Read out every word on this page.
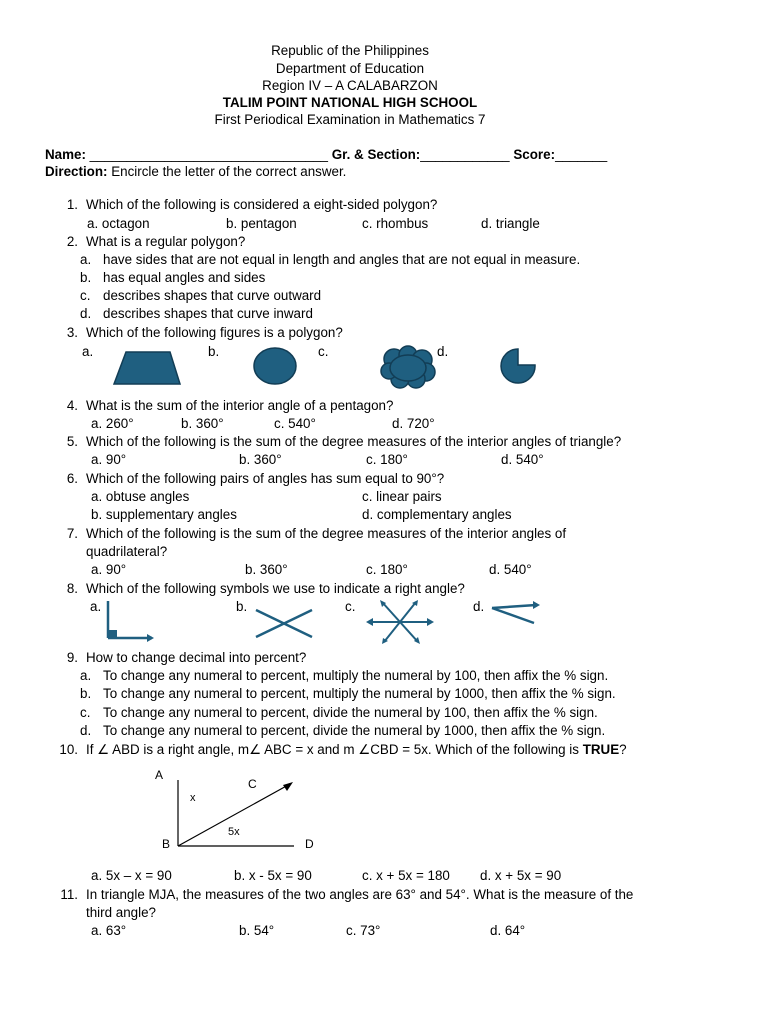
Republic of the Philippines
Department of Education
Region IV – A CALABARZON
TALIM POINT NATIONAL HIGH SCHOOL
First Periodical Examination in Mathematics 7
Name: ________________________________ Gr. & Section:____________ Score:_______
Direction: Encircle the letter of the correct answer.
1. Which of the following is considered a eight-sided polygon?
a. octagon	b. pentagon	c. rhombus	d. triangle
2. What is a regular polygon?
a. have sides that are not equal in length and angles that are not equal in measure.
b. has equal angles and sides
c. describes shapes that curve outward
d. describes shapes that curve inward
3. Which of the following figures is a polygon?
a.	b.	c.	d.
4. What is the sum of the interior angle of a pentagon?
a. 260°	b. 360°	c. 540°	d. 720°
5. Which of the following is the sum of the degree measures of the interior angles of triangle?
a. 90°	b. 360°	c. 180°	d. 540°
6. Which of the following pairs of angles has sum equal to 90°?
a. obtuse angles	c. linear pairs
b. supplementary angles	d. complementary angles
7. Which of the following is the sum of the degree measures of the interior angles of
quadrilateral?
a. 90°	b. 360°	c. 180°	d. 540°
8. Which of the following symbols we use to indicate a right angle?
a.	b.	c.	d.
9. How to change decimal into percent?
a. To change any numeral to percent, multiply the numeral by 100, then affix the % sign.
b. To change any numeral to percent, multiply the numeral by 1000, then affix the % sign.
c. To change any numeral to percent, divide the numeral by 100, then affix the % sign.
d. To change any numeral to percent, divide the numeral by 1000, then affix the % sign.
10. If ∠ ABD is a right angle, m∠ ABC = x and m ∠CBD = 5x. Which of the following is TRUE?
A
C
x
5x
B	D
a. 5x – x = 90	b. x - 5x = 90	c. x + 5x = 180 d. x + 5x = 90
11. In triangle MJA, the measures of the two angles are 63° and 54°. What is the measure of the
third angle?
a. 63°	b. 54°	c. 73°	d. 64°
